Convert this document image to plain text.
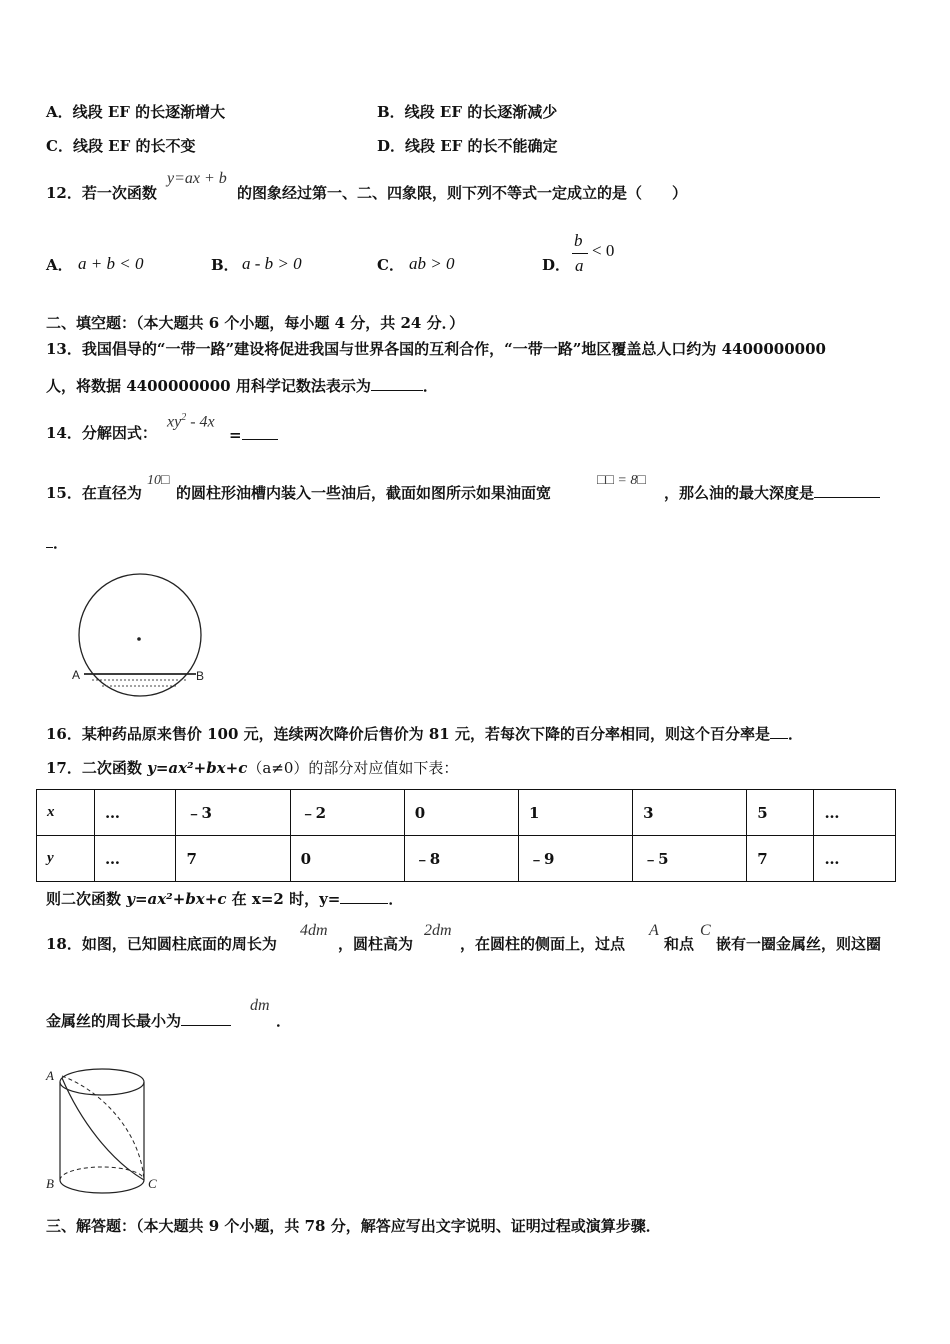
A．线段 EF 的长逐渐增大	B．线段 EF 的长逐渐减少
C．线段 EF 的长不变	D．线段 EF 的长不能确定
12．若一次函数
y=ax + b
的图象经过第一、二、四象限，则下列不等式一定成立的是（　　）
A． a + b < 0	B． a - b > 0	C． ab > 0	D．
b
a
< 0
二、填空题：（本大题共 6 个小题，每小题 4 分，共 24 分．）
13．我国倡导的“一带一路”建设将促进我国与世界各国的互利合作，“一带一路”地区覆盖总人口约为 4400000000
人，将数据 4400000000 用科学记数法表示为	．
14．分解因式：
$xy^2 - 4x$
=
15．在直径为
10□
的圆柱形油槽内装入一些油后，截面如图所示如果油面宽
□□ = 8□
，那么油的最大深度是
．
A	B
16．某种药品原来售价 100 元，连续两次降价后售价为 81 元，若每次下降的百分率相同，则这个百分率是 ．
17．二次函数 y=ax²+bx+c（a≠0）的部分对应值如下表：
x	…	﹣3	﹣2	0	1	3	5	…
y	…	7	0	﹣8	﹣9	﹣5	7	…
则二次函数 y=ax²+bx+c 在 x=2 时，y=	．
18．如图，已知圆柱底面的周长为
4dm
，圆柱高为
2dm
，在圆柱的侧面上，过点
A
和点
C
嵌有一圈金属丝，则这圈
金属丝的周长最小为
dm
．
A
B	C
三、解答题：（本大题共 9 个小题，共 78 分，解答应写出文字说明、证明过程或演算步骤．
